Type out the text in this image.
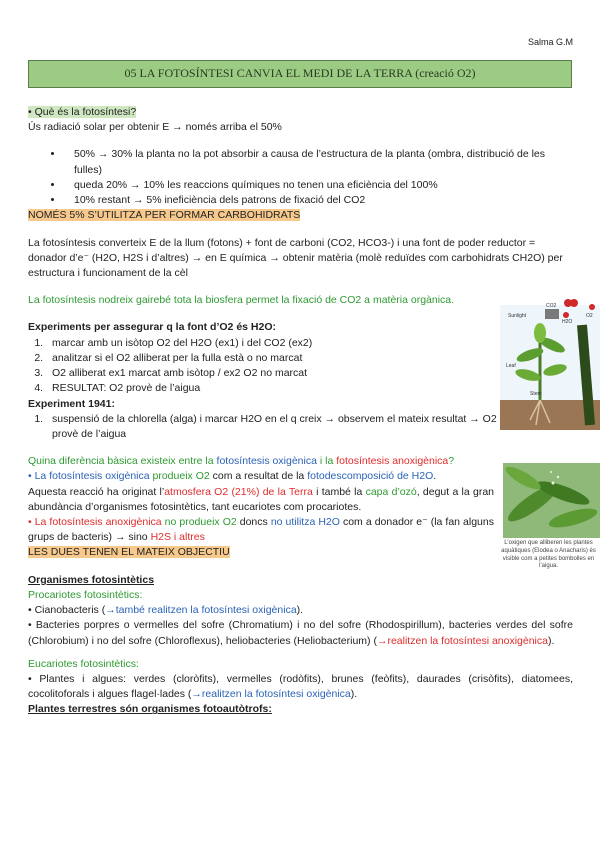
Salma G.M
05 LA FOTOSÍNTESI CANVIA EL MEDI DE LA TERRA (creació O2)

• Què és la fotosíntesi?

Ús radiació solar per obtenir E → només arriba el 50%

• 50% → 30% la planta no la pot absorbir a causa de l’estructura de la planta (ombra, distribució de les fulles)
• queda 20% → 10% les reaccions químiques no tenen una eficiència del 100%
• 10% restant → 5% ineficiència dels patrons de fixació del CO2

NOMÉS 5% S’UTILITZA PER FORMAR CARBOHIDRATS

La fotosíntesis converteix E de la llum (fotons) + font de carboni (CO2, HCO3-) i una font de poder reductor = donador d’e⁻ (H2O, H2S i d’altres) → en E química → obtenir matèria (molè reduïdes com carbohidrats CH2O) per estructura i funcionament de la cèl

La fotosíntesis nodreix gairebé tota la biosfera permet la fixació de CO2 a matèria orgànica.

Experiments per assegurar q la font d’O2 és H2O:

1. marcar amb un isòtop O2 del H2O (ex1) i del CO2 (ex2)
2. analitzar si el O2 alliberat per la fulla està o no marcat
3. O2 alliberat ex1 marcat amb isòtop / ex2 O2 no marcat
4. RESULTAT: O2 provè de l’aigua

Experiment 1941:

1. suspensió de la chlorella (alga) i marcar H2O en el q creix → observem el mateix resultat → O2 provè de l’aigua

Quina diferència bàsica existeix entre la fotosíntesis oxigènica i la fotosíntesis anoxigènica?

• La fotosíntesis oxigènica produeix O2 com a resultat de la fotodescomposició de H2O.
Aquesta reacció ha originat l’atmosfera O2 (21%) de la Terra i també la capa d’ozó, degut a la gran abundància d’organismes fotosintètics, tant eucariotes com procariotes.

• La fotosíntesis anoxigènica no produeix O2 doncs no utilitza H2O com a donador e⁻ (la fan alguns grups de bacteris) → sino H2S i altres

LES DUES TENEN EL MATEIX OBJECTIU

Organismes fotosintètics

Procariotes fotosintètics:

• Cianobacteris (→també realitzen la fotosíntesi oxigènica).

• Bacteries porpres o vermelles del sofre (Chromatium) i no del sofre (Rhodospirillum), bacteries verdes del sofre (Chlorobium) i no del sofre (Chloroflexus), heliobacteries (Heliobacterium) (→realitzen la fotosíntesi anoxigènica).

Eucariotes fotosintètics:

• Plantes i algues: verdes (cloròfits), vermelles (rodòfits), brunes (feòfits), daurades (crisòfits), diatomees, cocolitoforals i algues flagel·lades (→realitzen la fotosíntesi oxigènica).

Plantes terrestres són organismes fotoautòtrofs:

Sunlight
CO2
O2
H2O
Leaf
Stem
L’oxigen que alliberen les plantes aquàtiques (Elodea o Anacharis) és visible com a petites bombolles en l’aigua.
